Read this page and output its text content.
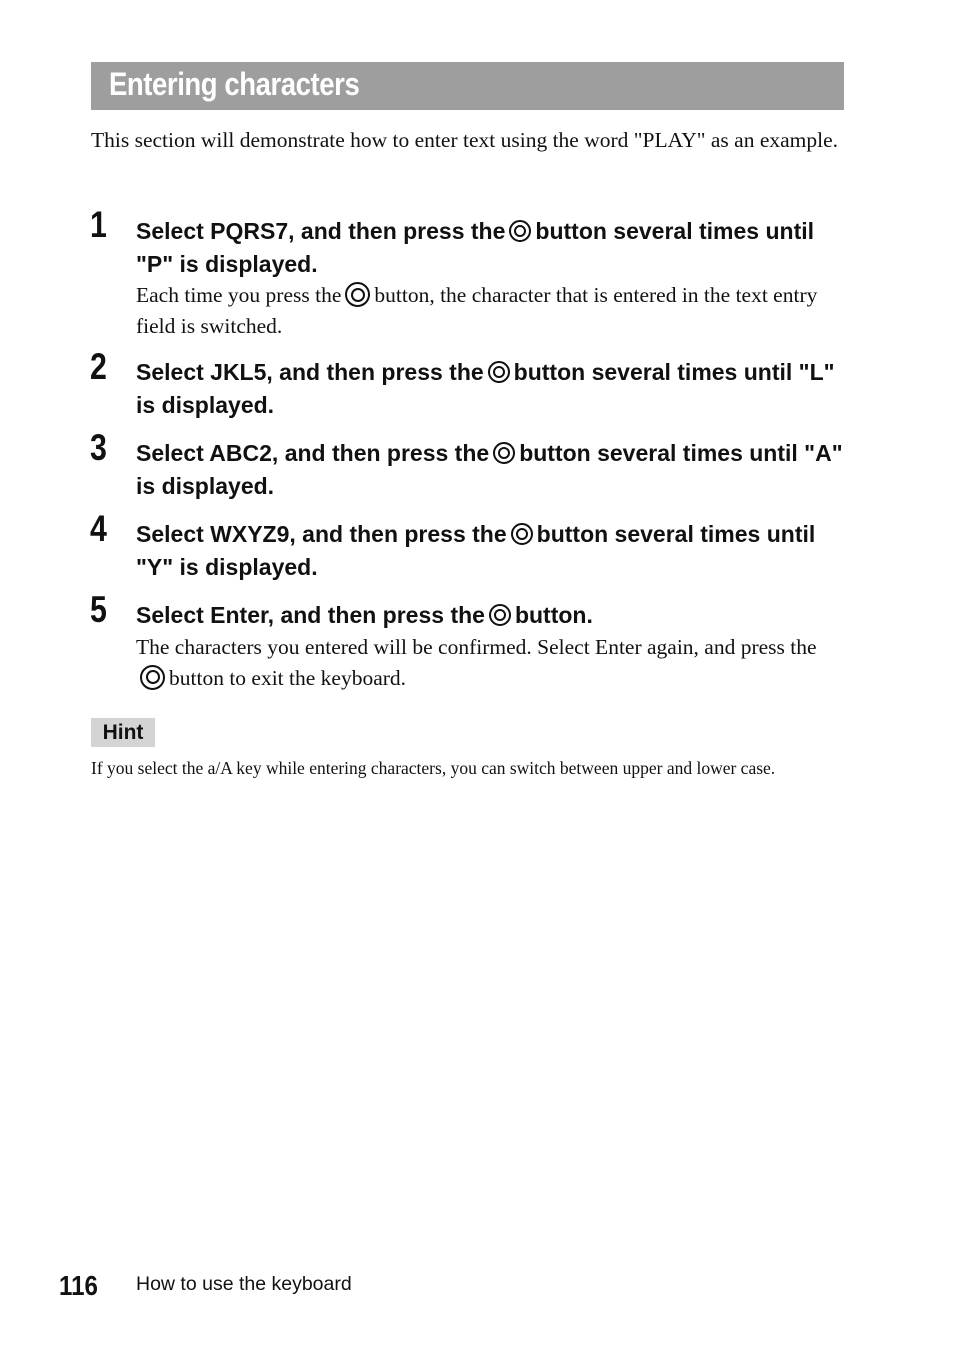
Entering characters

This section will demonstrate how to enter text using the word "PLAY" as an example.

1 Select PQRS7, and then press the button several times until "P" is displayed.

Each time you press the button, the character that is entered in the text entry field is switched.

2 Select JKL5, and then press the button several times until "L" is displayed.

3 Select ABC2, and then press the button several times until "A" is displayed.

4 Select WXYZ9, and then press the button several times until "Y" is displayed.

5 Select Enter, and then press the button.

The characters you entered will be confirmed. Select Enter again, and press thebutton to exit the keyboard.

Hint

If you select the a/A key while entering characters, you can switch between upper and lower case.

116 How to use the keyboard
